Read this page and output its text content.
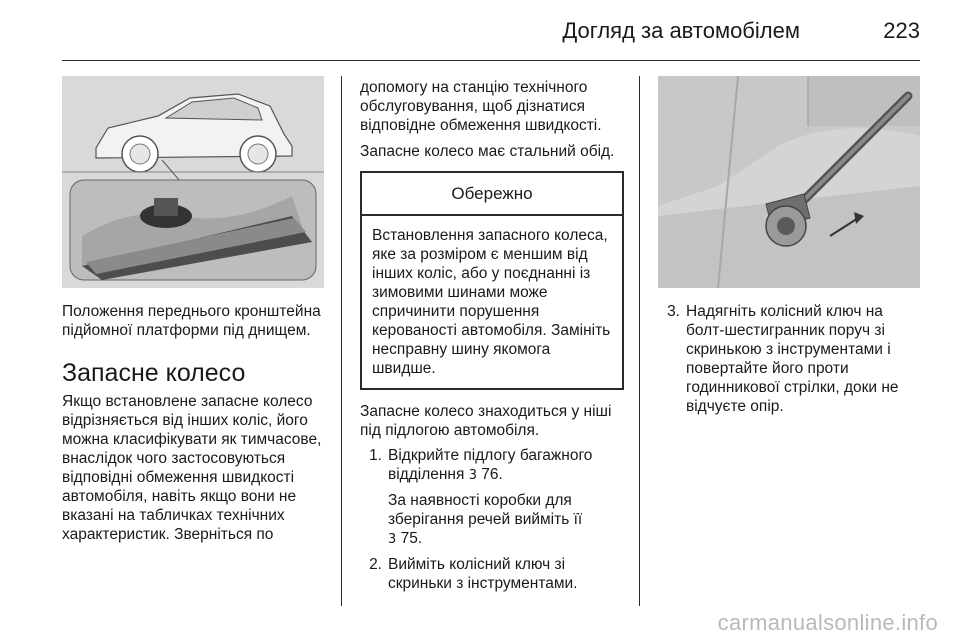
Догляд за автомобілем	223

Положення переднього кронштейна підйомної платформи під днищем.

Запасне колесо

Якщо встановлене запасне колесо відрізняється від інших коліс, його можна класифікувати як тимчасове, внаслідок чого застосовуються відповідні обмеження швидкості автомобіля, навіть якщо вони не вказані на табличках технічних характеристик. Зверніться по

допомогу на станцію технічного обслуговування, щоб дізнатися відповідне обмеження швидкості.

Запасне колесо має стальний обід.

Обережно
Встановлення запасного колеса, яке за розміром є меншим від інших коліс, або у поєднанні із зимовими шинами може спричинити порушення керованості автомобіля. Замініть несправну шину якомога швидше.

Запасне колесо знаходиться у ніші під підлогою автомобіля.

1. Відкрийте підлогу багажного відділення 3 76.
За наявності коробки для зберігання речей вийміть її
3 75.
2. Вийміть колісний ключ зі скриньки з інструментами.
3. Надягніть колісний ключ на болт-шестигранник поруч зі скринькою з інструментами і повертайте його проти годинникової стрілки, доки не відчуєте опір.
carmanualsonline.info
